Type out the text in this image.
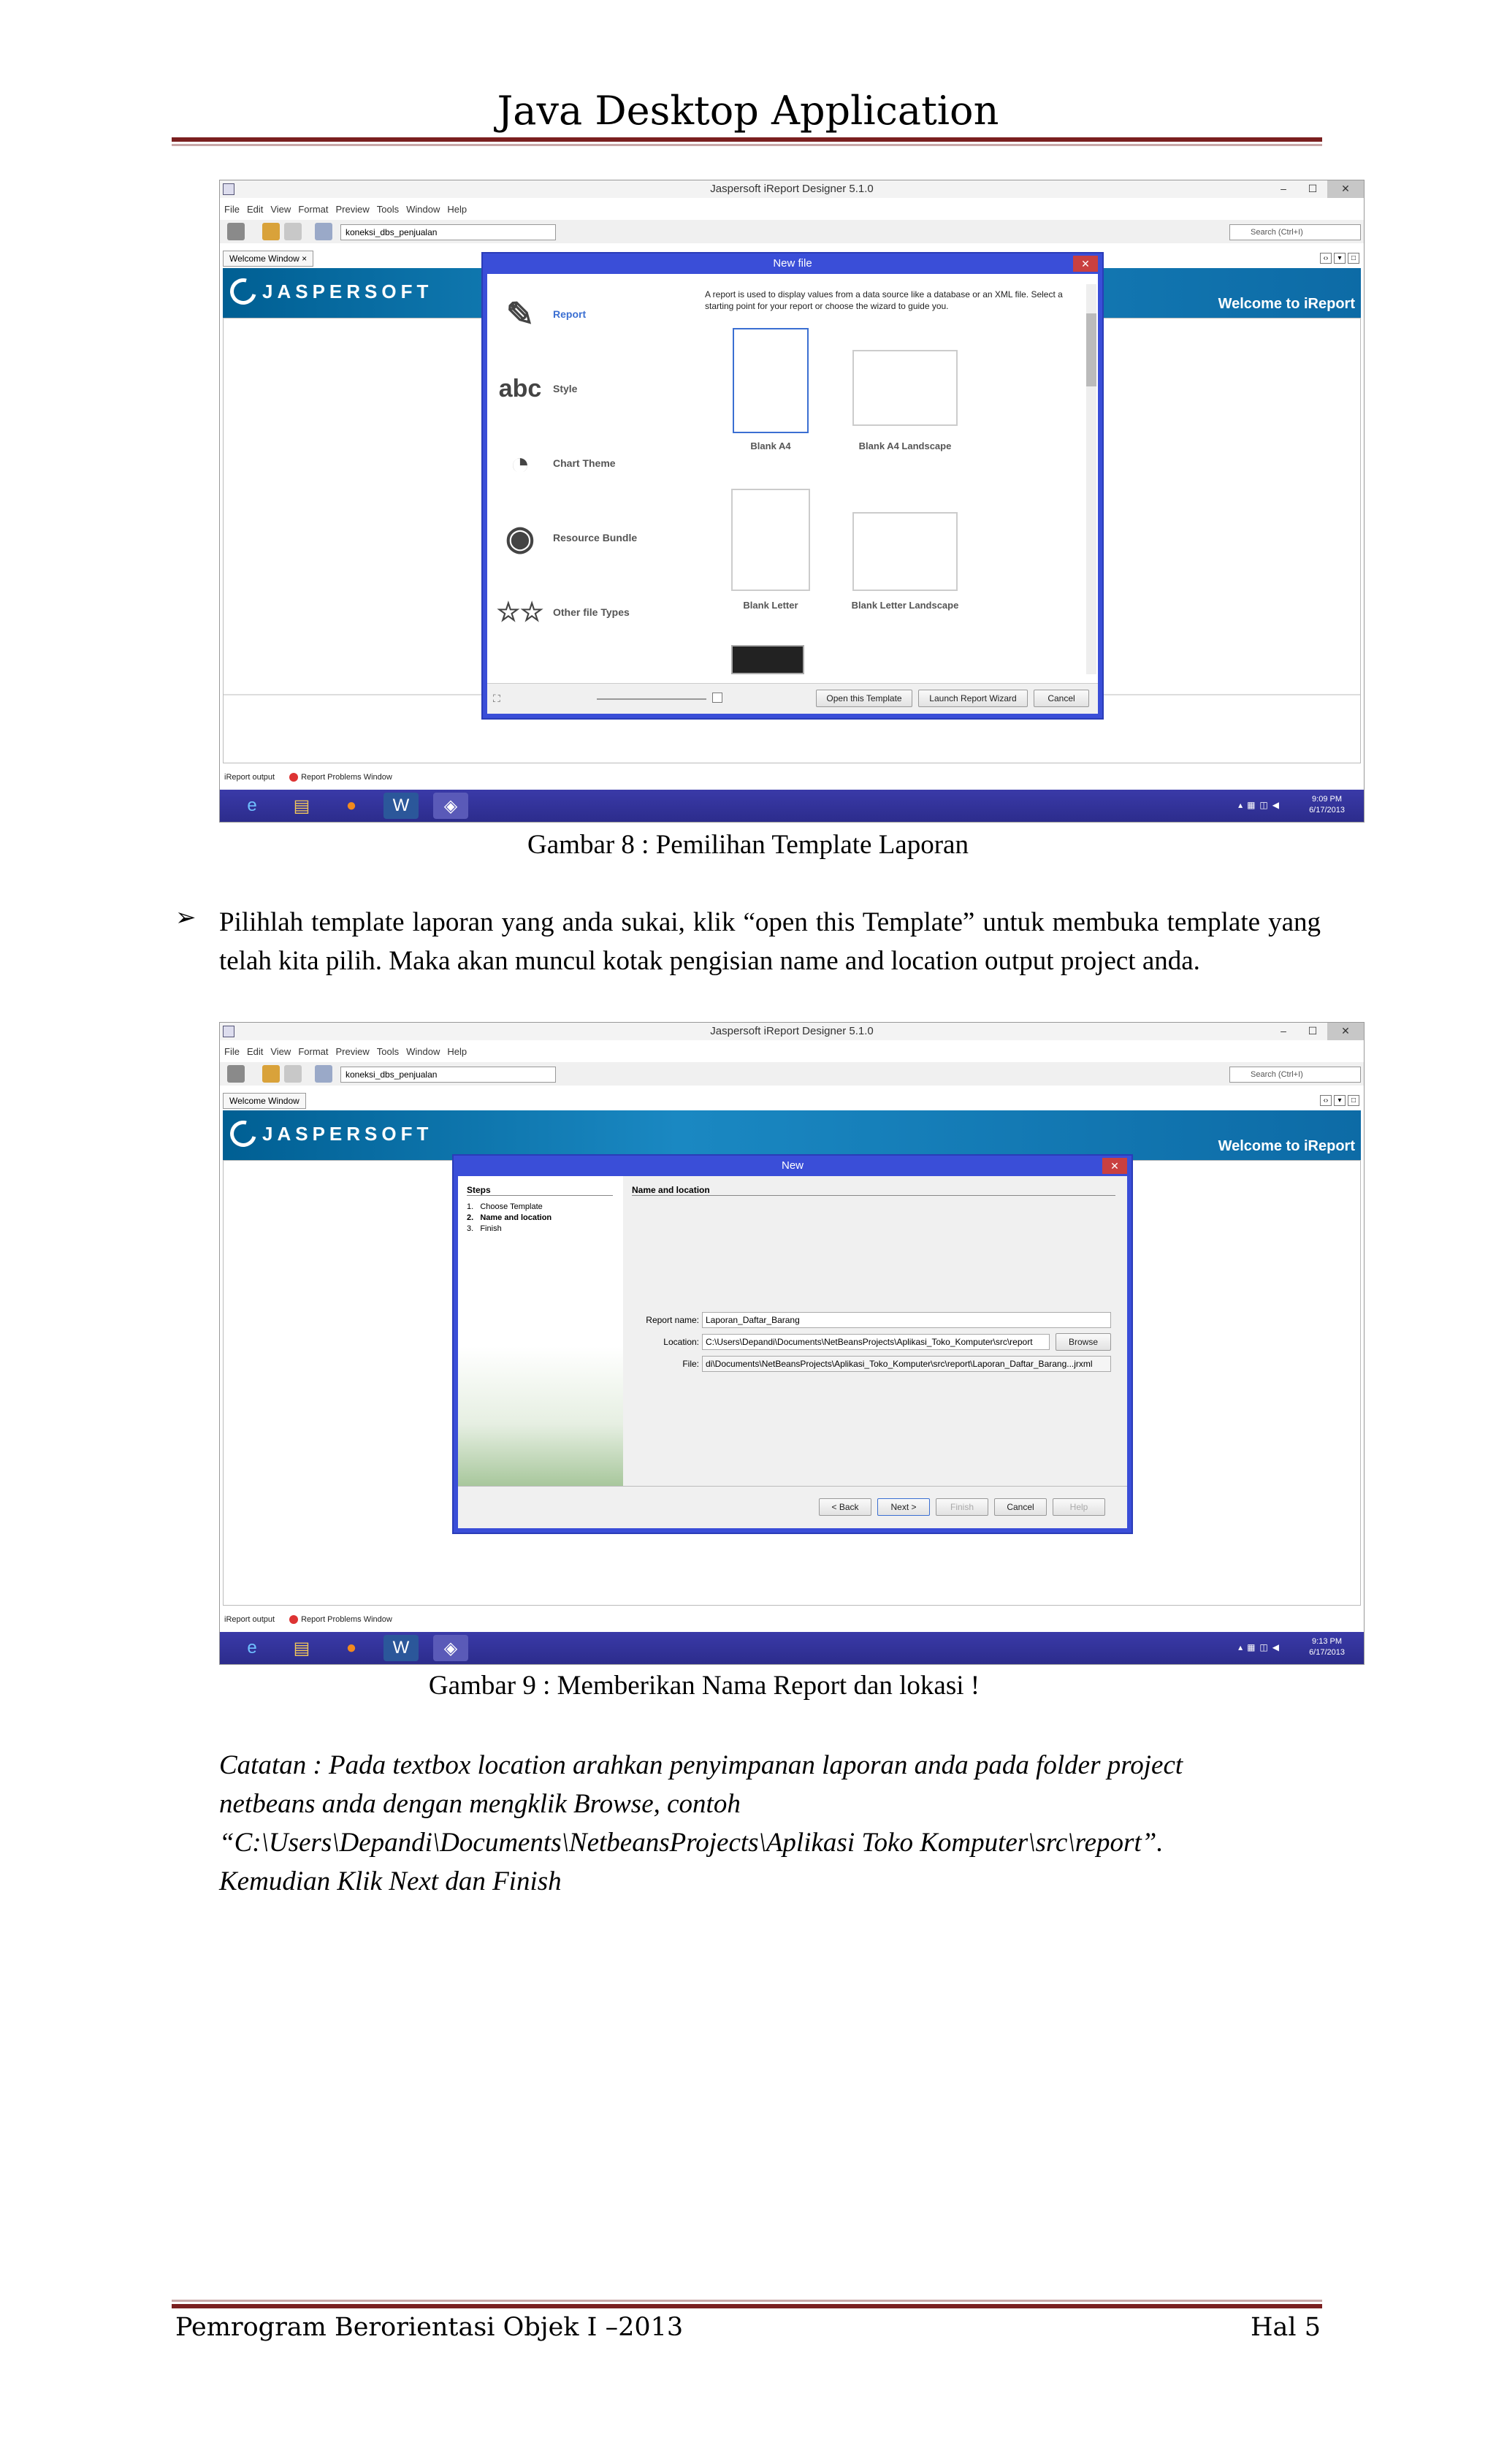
Java Desktop Application
Jaspersoft iReport Designer 5.1.0	–	☐	✕
File Edit View Format Preview Tools Window Help
koneksi_dbs_penjualan	Search (Ctrl+I)
Welcome Window ×	‹›	▾	□
JASPERSOFT
Welcome to iReport
iReport output	Report Problems Window
e	▤	●	W	◈	▴▦◫◀
9:09 PM
6/17/2013
New file	✕
✎	Report
abc Style
◔	Chart Theme
◉	Resource Bundle
☆☆ Other file Types
A report is used to display values from a data source like a database or an XML file. Select a starting point for your report or choose the wizard to guide you.
Blank A4	Blank A4 Landscape
Blank Letter	Blank Letter Landscape
⛶	Open this Template	Launch Report Wizard	Cancel
Gambar 8 : Pemilihan Template Laporan
➢ Pilihlah template laporan yang anda sukai, klik “open this Template” untuk membuka template yang telah kita pilih. Maka akan muncul kotak pengisian name and location output project anda.
Jaspersoft iReport Designer 5.1.0	–	☐	✕
File Edit View Format Preview Tools Window Help
koneksi_dbs_penjualan	Search (Ctrl+I)
Welcome Window	‹›	▾	□
JASPERSOFT
Welcome to iReport
iReport output	Report Problems Window
e	▤	●	W	◈	▴▦◫◀
9:13 PM
6/17/2013
New	✕
Steps
1.   Choose Template
2.   Name and location
3.   Finish
Name and location
Report name: Laporan_Daftar_Barang
Location: C:\Users\Depandi\Documents\NetBeansProjects\Aplikasi_Toko_Komputer\src\report	Browse
File: di\Documents\NetBeansProjects\Aplikasi_Toko_Komputer\src\report\Laporan_Daftar_Barang...jrxml
< Back	Next >	Finish	Cancel	Help
Gambar 9 : Memberikan Nama Report dan lokasi !
Catatan : Pada textbox location arahkan penyimpanan laporan anda pada folder project
netbeans anda dengan mengklik Browse, contoh
“C:\Users\Depandi\Documents\NetbeansProjects\Aplikasi Toko Komputer\src\report”.
Kemudian Klik Next dan Finish
Pemrogram Berorientasi Objek I –2013	Hal 5
